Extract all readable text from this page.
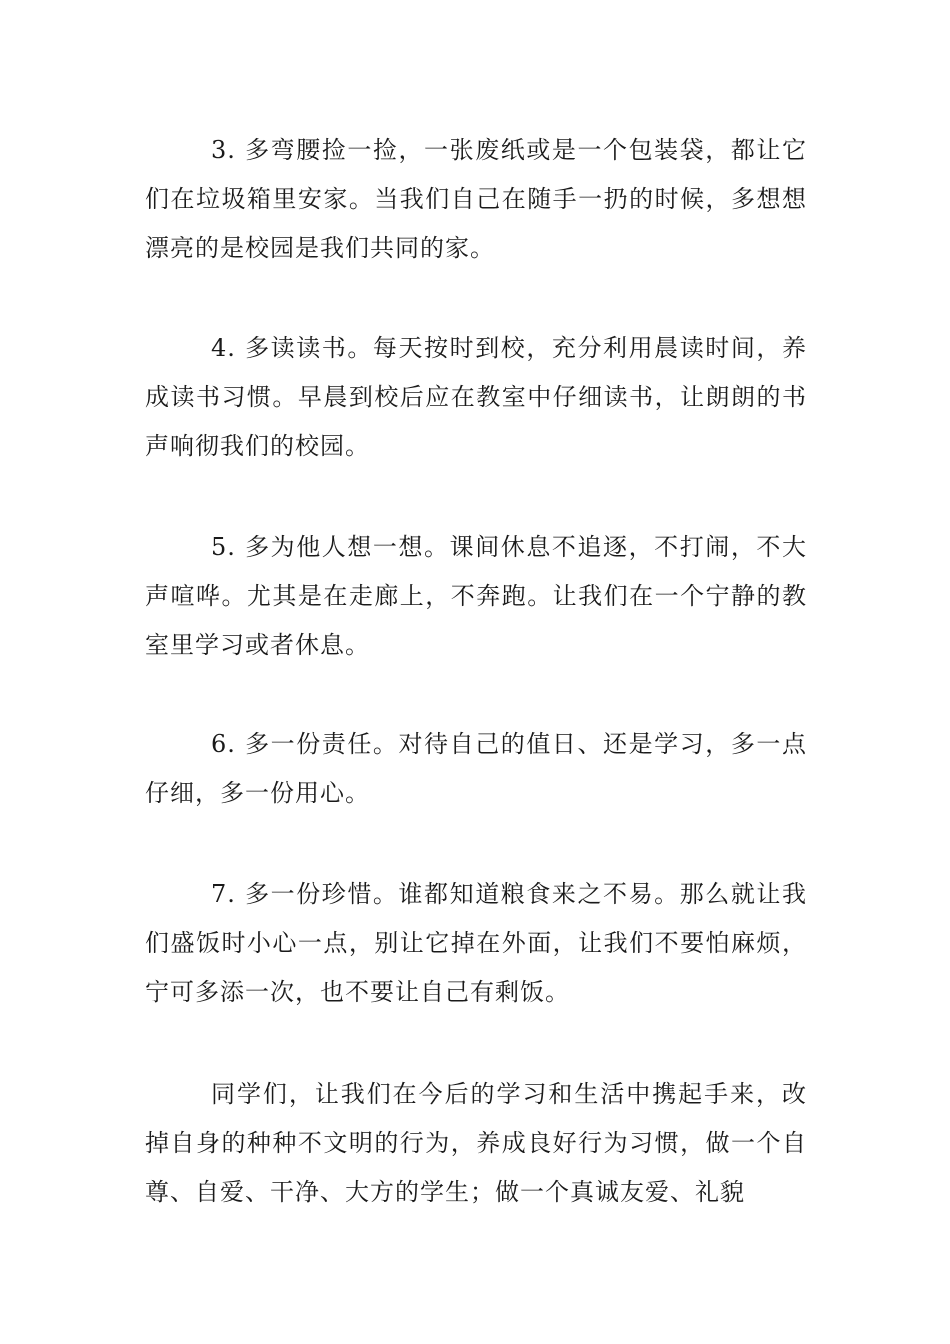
3. 多弯腰捡一捡，一张废纸或是一个包装袋，都让它们在垃圾箱里安家。当我们自己在随手一扔的时候，多想想漂亮的是校园是我们共同的家。

4. 多读读书。每天按时到校，充分利用晨读时间，养成读书习惯。早晨到校后应在教室中仔细读书，让朗朗的书声响彻我们的校园。

5. 多为他人想一想。课间休息不追逐，不打闹，不大声喧哗。尤其是在走廊上，不奔跑。让我们在一个宁静的教室里学习或者休息。

6. 多一份责任。对待自己的值日、还是学习，多一点仔细，多一份用心。

7. 多一份珍惜。谁都知道粮食来之不易。那么就让我们盛饭时小心一点，别让它掉在外面，让我们不要怕麻烦，宁可多添一次，也不要让自己有剩饭。

同学们，让我们在今后的学习和生活中携起手来，改掉自身的种种不文明的行为，养成良好行为习惯，做一个自尊、自爱、干净、大方的学生；做一个真诚友爱、礼貌
